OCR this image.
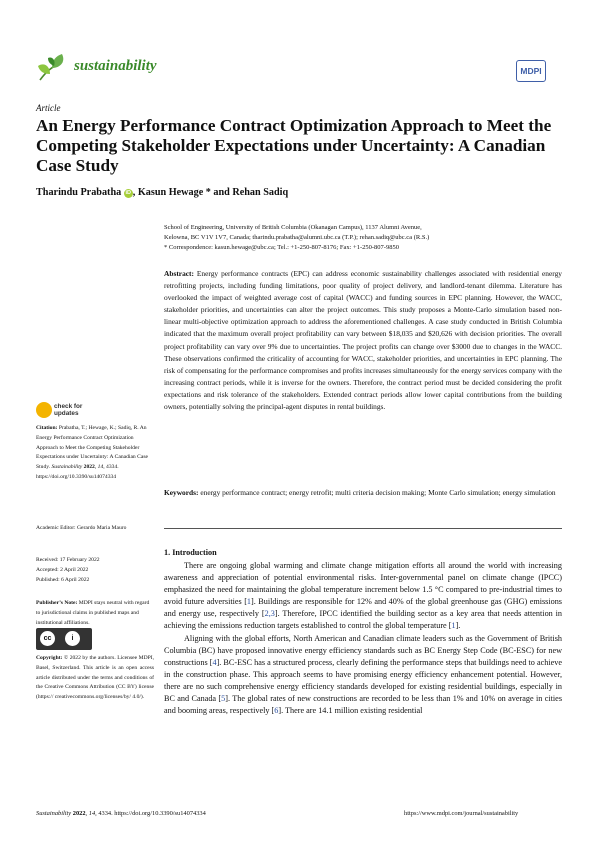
sustainability	MDPI
Article
An Energy Performance Contract Optimization Approach to Meet the Competing Stakeholder Expectations under Uncertainty: A Canadian Case Study
Tharindu Prabatha iD , Kasun Hewage * and Rehan Sadiq
School of Engineering, University of British Columbia (Okanagan Campus), 1137 Alumni Avenue,
Kelowna, BC V1V 1V7, Canada; tharindu.prabatha@alumni.ubc.ca (T.P.); rehan.sadiq@ubc.ca (R.S.)
* Correspondence: kasun.hewage@ubc.ca; Tel.: +1-250-807-8176; Fax: +1-250-807-9850

Abstract: Energy performance contracts (EPC) can address economic sustainability challenges associated with residential energy retrofitting projects, including funding limitations, poor quality of project delivery, and landlord-tenant dilemma. Literature has overlooked the impact of weighted average cost of capital (WACC) and funding sources in EPC planning. However, the WACC, stakeholder priorities, and uncertainties can alter the project outcomes. This study proposes a Monte-Carlo simulation based non-linear multi-objective optimization approach to address the aforementioned challenges. A case study conducted in British Columbia indicated that the maximum overall project profitability can vary between $18,035 and $20,626 with decision priorities. The overall project profitability can vary over 9% due to uncertainties. The project profits can change over $3000 due to changes in the WACC. These observations confirmed the criticality of accounting for WACC, stakeholder priorities, and uncertainties in EPC planning. The risk of compensating for the performance compromises and profits increases simultaneously for the energy services company with the increasing contract periods, while it is inverse for the owners. Therefore, the contract period must be decided considering the profit expectations and risk tolerance of the stakeholders. Extended contract periods allow lower capital contributions from the building owners, potentially solving the principal-agent disputes in rental buildings.

Keywords: energy performance contract; energy retrofit; multi criteria decision making; Monte Carlo simulation; energy simulation

check for
updates
Citation: Prabatha, T.; Hewage, K.; Sadiq, R. An Energy Performance Contract Optimization Approach to Meet the Competing Stakeholder Expectations under Uncertainty: A Canadian Case Study. Sustainability 2022, 14, 4334. https://doi.org/10.3390/su14074334
Academic Editor: Gerardo Maria Mauro
Received: 17 February 2022
Accepted: 2 April 2022
Published: 6 April 2022
Publisher’s Note: MDPI stays neutral with regard to jurisdictional claims in published maps and institutional affiliations.
cc	i
Copyright: © 2022 by the authors. Licensee MDPI, Basel, Switzerland. This article is an open access article distributed under the terms and conditions of the Creative Commons Attribution (CC BY) license (https:// creativecommons.org/licenses/by/ 4.0/).
1. Introduction

There are ongoing global warming and climate change mitigation efforts all around the world with increasing awareness and appreciation of potential environmental risks. Inter-governmental panel on climate change (IPCC) emphasized the need for maintaining the global temperature increment below 1.5 °C compared to pre-industrial times to avoid future adversities [1]. Buildings are responsible for 12% and 40% of the global greenhouse gas (GHG) emissions and energy use, respectively [2,3]. Therefore, IPCC identified the building sector as a key area that needs attention in achieving the emissions reduction targets established to control the global temperature [1].

Aligning with the global efforts, North American and Canadian climate leaders such as the Government of British Columbia (BC) have proposed innovative energy efficiency standards such as BC Energy Step Code (BC-ESC) for new constructions [4]. BC-ESC has a structured process, clearly defining the performance steps that buildings need to achieve in the construction phase. This approach seems to have promising energy efficiency enhancement potential. However, there are no such comprehensive energy efficiency standards developed for existing residential buildings, especially in BC and Canada [5]. The global rates of new constructions are recorded to be less than 1% and 10% on average in cities and booming areas, respectively [6]. There are 14.1 million existing residential

Sustainability 2022, 14, 4334. https://doi.org/10.3390/su14074334	https://www.mdpi.com/journal/sustainability
